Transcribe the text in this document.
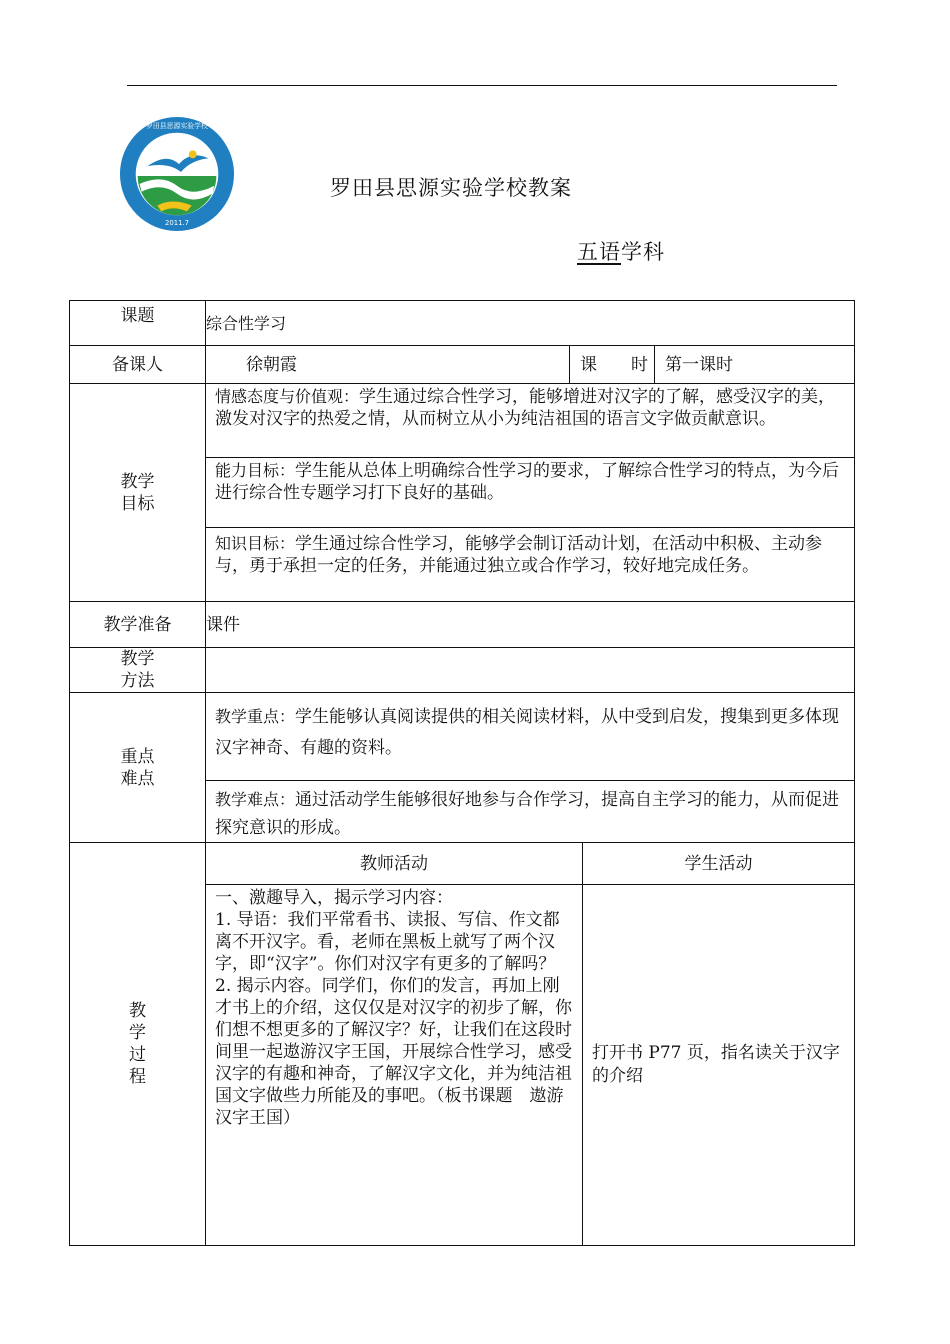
2011.7
罗田县思源实验学校
罗田县思源实验学校教案
五语学科
课题	综合性学习			
备课人	徐朝霞	课　　时		第一课时

教学
目标	情感态度与价值观：学生通过综合性学习，能够增进对汉字的了解，感受汉字的美，激发对汉字的热爱之情，从而树立从小为纯洁祖国的语言文字做贡献意识。			
	能力目标：学生能从总体上明确综合性学习的要求，了解综合性学习的特点，为今后进行综合性专题学习打下良好的基础。			
	知识目标：学生通过综合性学习，能够学会制订活动计划，在活动中积极、主动参与，勇于承担一定的任务，并能通过独立或合作学习，较好地完成任务。			
教学准备	课件			

教学
方法				

重点
难点	教学重点：学生能够认真阅读提供的相关阅读材料，从中受到启发，搜集到更多体现汉字神奇、有趣的资料。			
	教学难点：通过活动学生能够很好地参与合作学习，提高自主学习的能力，从而促进探究意识的形成。			

教
学
过
程	教师活动		学生活动	

	一、激趣导入，揭示学习内容：
1. 导语：我们平常看书、读报、写信、作文都离不开汉字。看，老师在黑板上就写了两个汉字，即“汉字”。你们对汉字有更多的了解吗？
2. 揭示内容。同学们，你们的发言，再加上刚才书上的介绍，这仅仅是对汉字的初步了解，你们想不想更多的了解汉字？好，让我们在这段时间里一起遨游汉字王国，开展综合性学习，感受汉字的有趣和神奇，了解汉字文化，并为纯洁祖国文字做些力所能及的事吧。（板书课题　遨游汉字王国）		打开书 P77 页，指名读关于汉字的介绍	
